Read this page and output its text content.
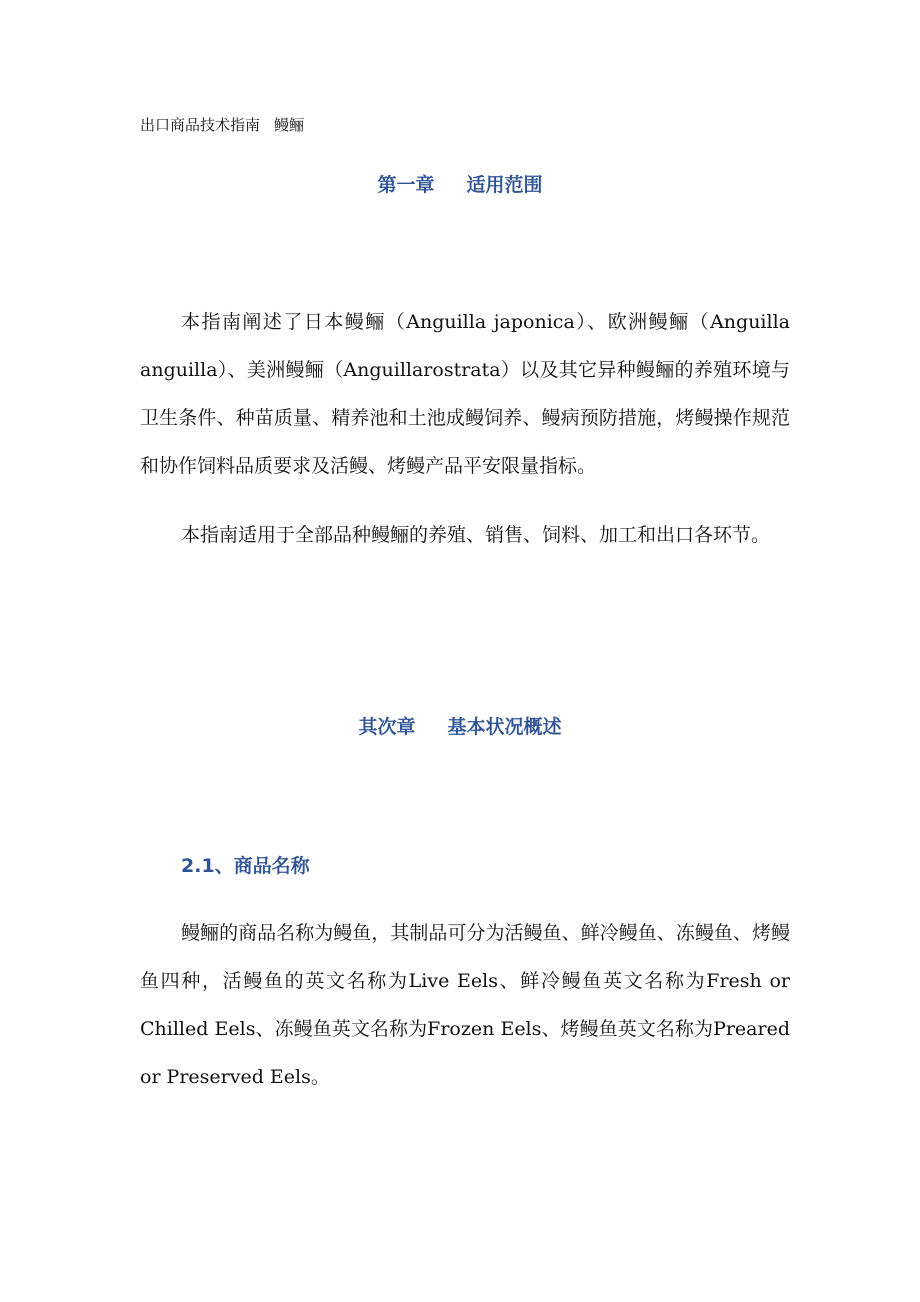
出口商品技术指南 鳗鲡
第一章 适用范围

本指南阐述了日本鳗鲡（Anguilla japonica）、欧洲鳗鲡（Anguilla anguilla）、美洲鳗鲡（Anguillarostrata）以及其它异种鳗鲡的养殖环境与卫生条件、种苗质量、精养池和土池成鳗饲养、鳗病预防措施，烤鳗操作规范和协作饲料品质要求及活鳗、烤鳗产品平安限量指标。

本指南适用于全部品种鳗鲡的养殖、销售、饲料、加工和出口各环节。

其次章 基本状况概述
2.1、商品名称

鳗鲡的商品名称为鳗鱼，其制品可分为活鳗鱼、鲜冷鳗鱼、冻鳗鱼、烤鳗鱼四种，活鳗鱼的英文名称为Live Eels、鲜冷鳗鱼英文名称为Fresh or Chilled Eels、冻鳗鱼英文名称为Frozen Eels、烤鳗鱼英文名称为Preared or Preserved Eels。
